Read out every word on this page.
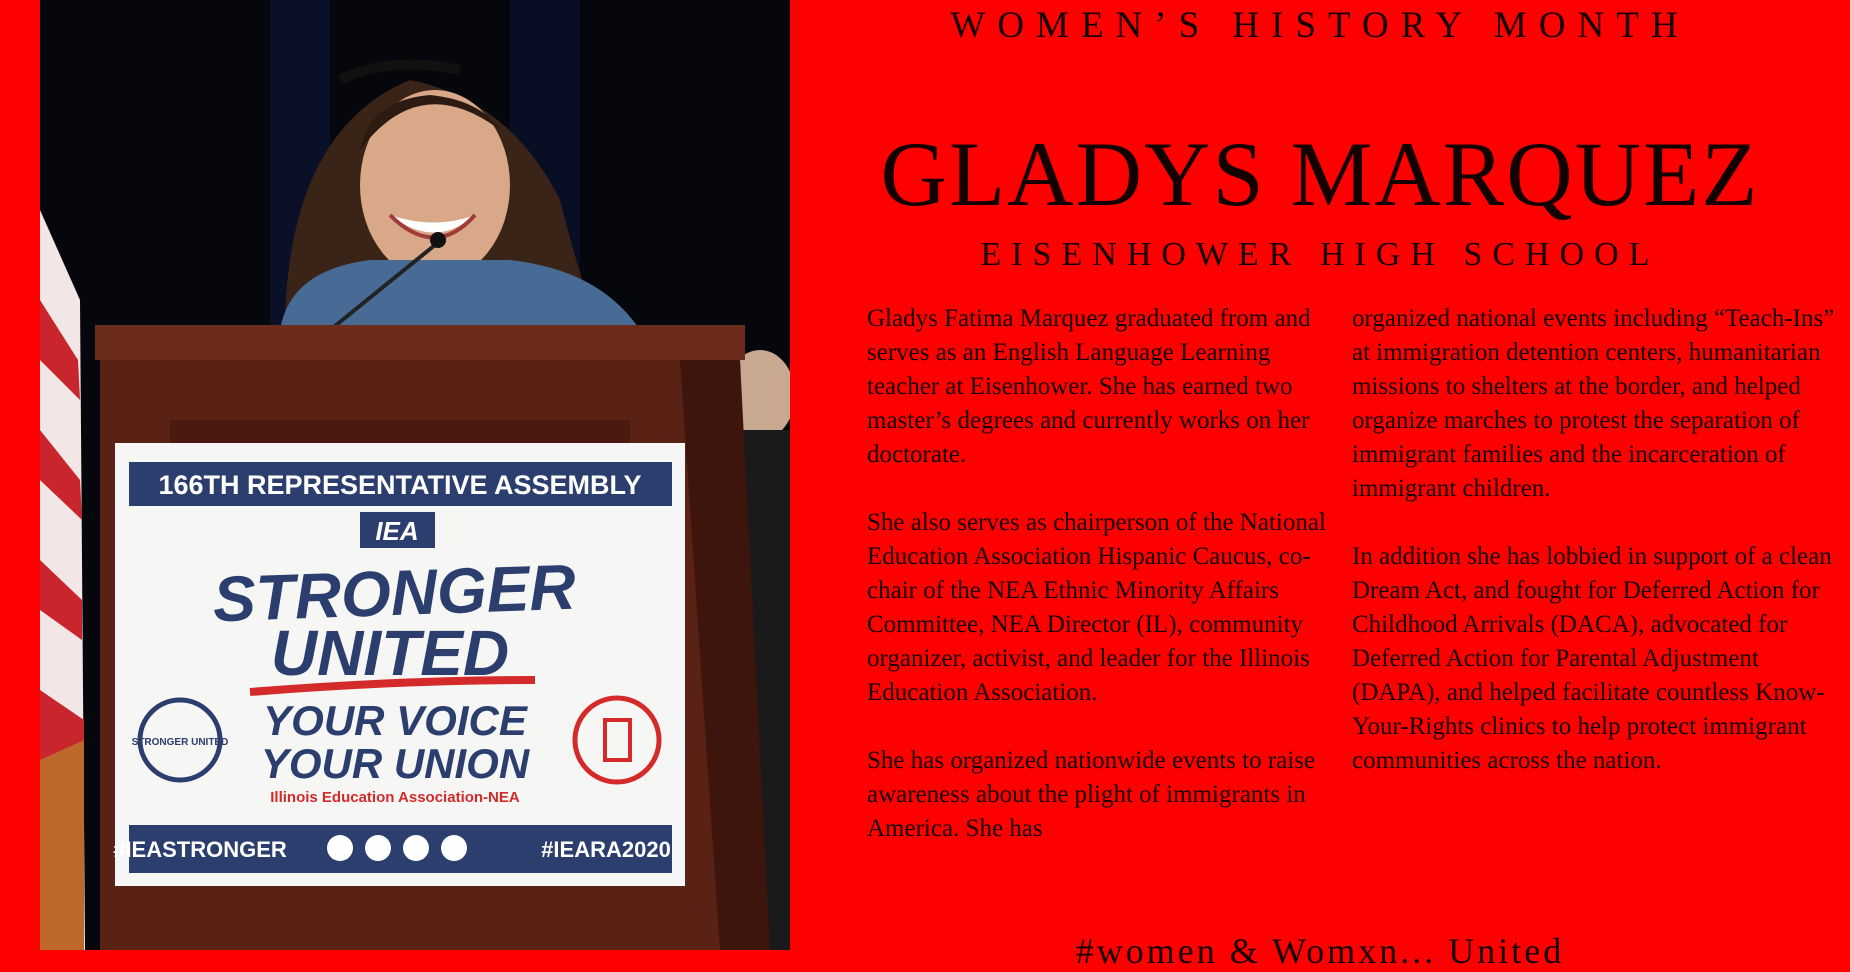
166TH REPRESENTATIVE ASSEMBLY
IEA
STRONGER
UNITED
YOUR VOICE
YOUR UNION
Illinois Education Association-NEA
STRONGER UNITED
#IEASTRONGER	#IEARA2020
WOMEN’S HISTORY MONTH
GLADYS MARQUEZ
EISENHOWER HIGH SCHOOL

Gladys Fatima Marquez graduated from and serves as an English Language Learning teacher at Eisenhower. She has earned two master’s degrees and currently works on her doctorate.

She also serves as chairperson of the National Education Association Hispanic Caucus, co-chair of the NEA Ethnic Minority Affairs Committee, NEA Director (IL), community organizer, activist, and leader for the Illinois Education Association.

She has organized nationwide events to raise awareness about the plight of immigrants in America. She has

organized national events including “Teach-Ins” at immigration detention centers, humanitarian missions to shelters at the border, and helped organize marches to protest the separation of immigrant families and the incarceration of immigrant children.

In addition she has lobbied in support of a clean Dream Act, and fought for Deferred Action for Childhood Arrivals (DACA), advocated for Deferred Action for Parental Adjustment (DAPA), and helped facilitate countless Know-Your-Rights clinics to help protect immigrant communities across the nation.

#women & Womxn... United
